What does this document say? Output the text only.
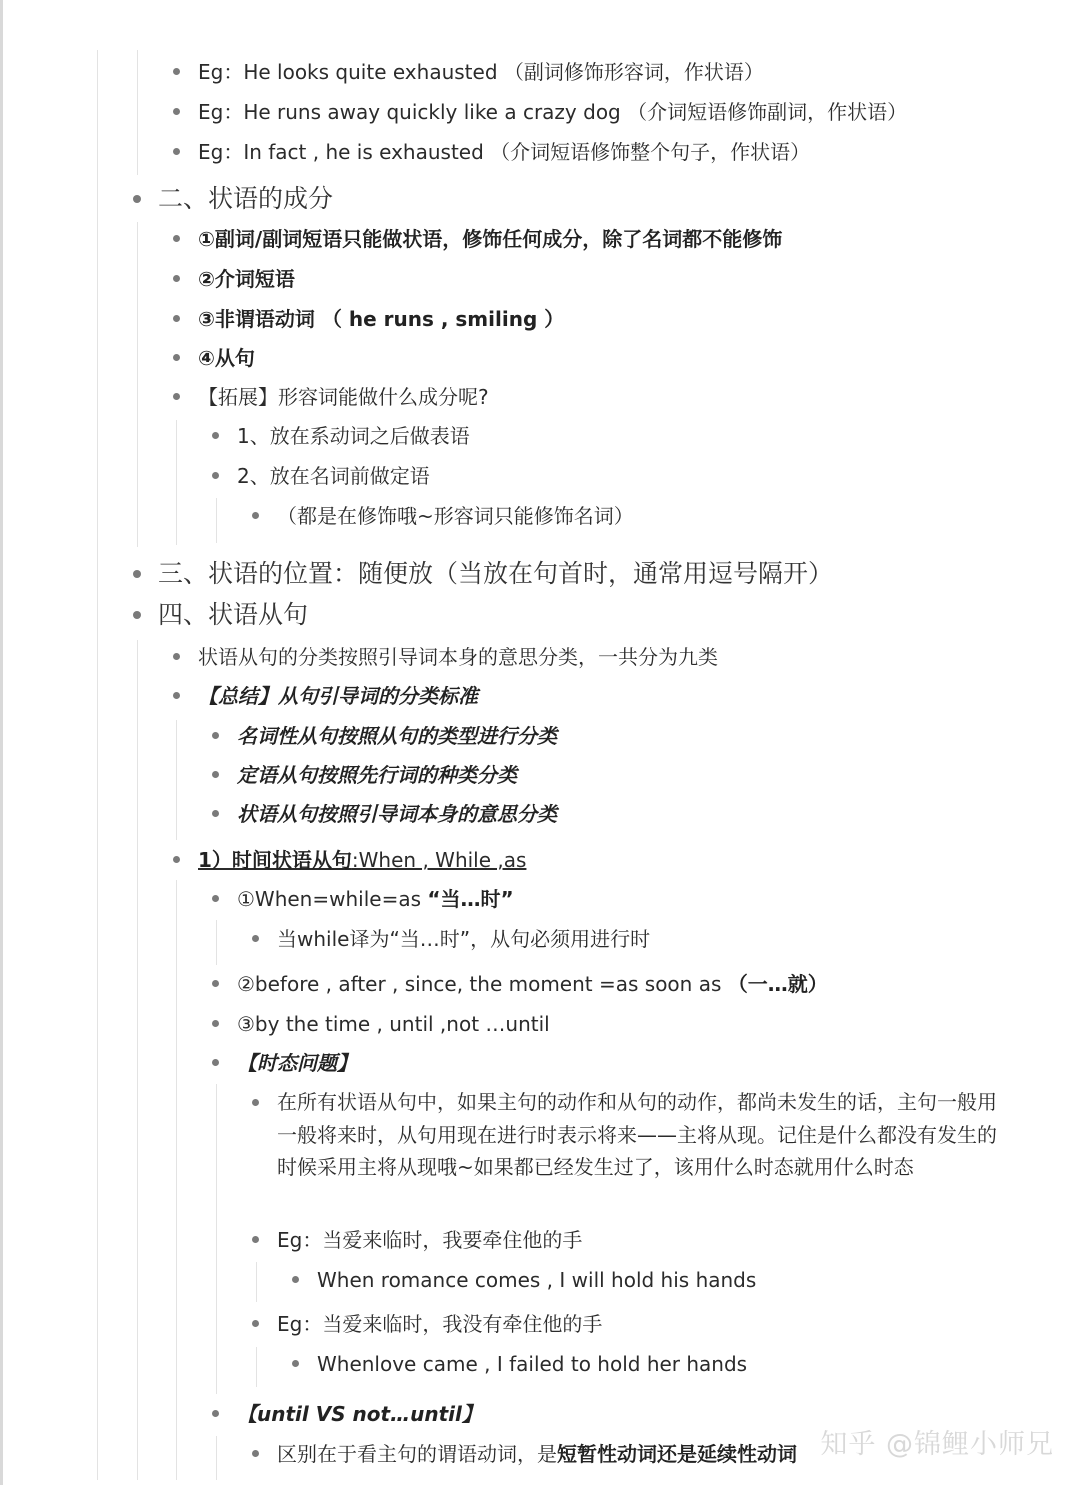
Eg：He looks quite exhausted （副词修饰形容词，作状语）
Eg：He runs away quickly like a crazy dog （介词短语修饰副词，作状语）
Eg：In fact , he is exhausted （介词短语修饰整个句子，作状语）
二、状语的成分
①副词/副词短语只能做状语，修饰任何成分，除了名词都不能修饰
②介词短语
③非谓语动词 （ he runs , smiling ）
④从句
【拓展】形容词能做什么成分呢?
1、放在系动词之后做表语
2、放在名词前做定语
（都是在修饰哦~形容词只能修饰名词）
三、状语的位置：随便放（当放在句首时，通常用逗号隔开）
四、状语从句
状语从句的分类按照引导词本身的意思分类，一共分为九类
【总结】从句引导词的分类标准
名词性从句按照从句的类型进行分类
定语从句按照先行词的种类分类
状语从句按照引导词本身的意思分类
1）时间状语从句:When , While ,as
①When=while=as “当…时”
当while译为“当…时”，从句必须用进行时
②before , after , since, the moment =as soon as （一…就）
③by the time , until ,not …until
【时态问题】
在所有状语从句中，如果主句的动作和从句的动作，都尚未发生的话，主句一般用一般将来时，从句用现在进行时表示将来——主将从现。记住是什么都没有发生的时候采用主将从现哦~如果都已经发生过了，该用什么时态就用什么时态
Eg：当爱来临时，我要牵住他的手
When romance comes , I will hold his hands
Eg：当爱来临时，我没有牵住他的手
Whenlove came , I failed to hold her hands
【until VS not…until】
区别在于看主句的谓语动词，是短暂性动词还是延续性动词 知乎 @锦鲤小师兄
